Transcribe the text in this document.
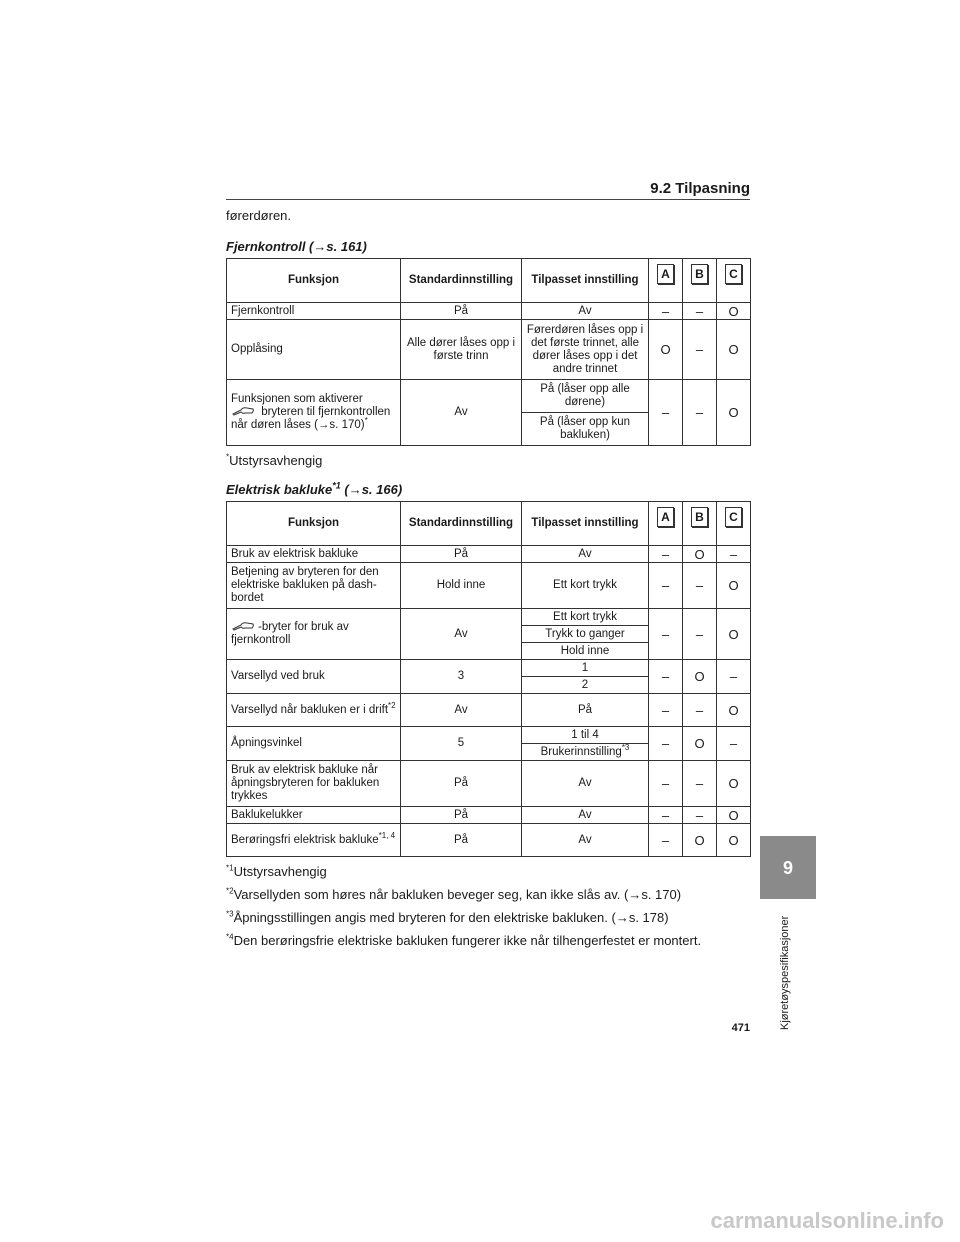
9.2 Tilpasning
førerdøren.
Fjernkontroll (→s. 161)
Funksjon	Standardinnstilling	Tilpasset innstilling	A	B	C
Fjernkontroll	På	Av	–	–	O
Opplåsing	Alle dører låses opp i første trinn	Førerdøren låses opp i det første trinnet, alle dører låses opp i det andre trinnet	O	–	O
Funksjonen som aktiverer

bryteren til fjernkontrollen når døren låses (→s. 170)*	Av	På (låser opp alle dørene)	–	–	O
		På (låser opp kun bakluken)			
*Utstyrsavhengig
Elektrisk bakluke$^{*1}$ (→s. 166)
Funksjon	Standardinnstilling	Tilpasset innstilling	A	B	C
Bruk av elektrisk bakluke	På	Av	–	O	–
Betjening av bryteren for den elektriske bakluken på dashbordet	Hold inne	Ett kort trykk	–	–	O

-bryter for bruk av fjernkontroll	Av	Ett kort trykk	–	–	O
		Trykk to ganger			
		Hold inne			
Varsellyd ved bruk	3	1	–	O	–
		2			
Varsellyd når bakluken er i drift$^{*2}$	Av	På	–	–	O
Åpningsvinkel	5	1 til 4	–	O	–
		Brukerinnstilling$^{*3}$
Bruk av elektrisk bakluke når åpningsbryteren for bakluken trykkes	På	Av	–	–	O
Baklukelukker	På	Av	–	–	O
Berøringsfri elektrisk bakluke$^{*1, 4}$	På	Av	–	O	O
$^{*1}$Utstyrsavhengig
$^{*2}$Varsellyden som høres når bakluken beveger seg, kan ikke slås av. (→s. 170)
$^{*3}$Åpningsstillingen angis med bryteren for den elektriske bakluken. (→s. 178)
$^{*4}$Den berøringsfrie elektriske bakluken fungerer ikke når tilhengerfestet er montert.
9
Kjøretøyspesifikasjoner
471
carmanualsonline.info
